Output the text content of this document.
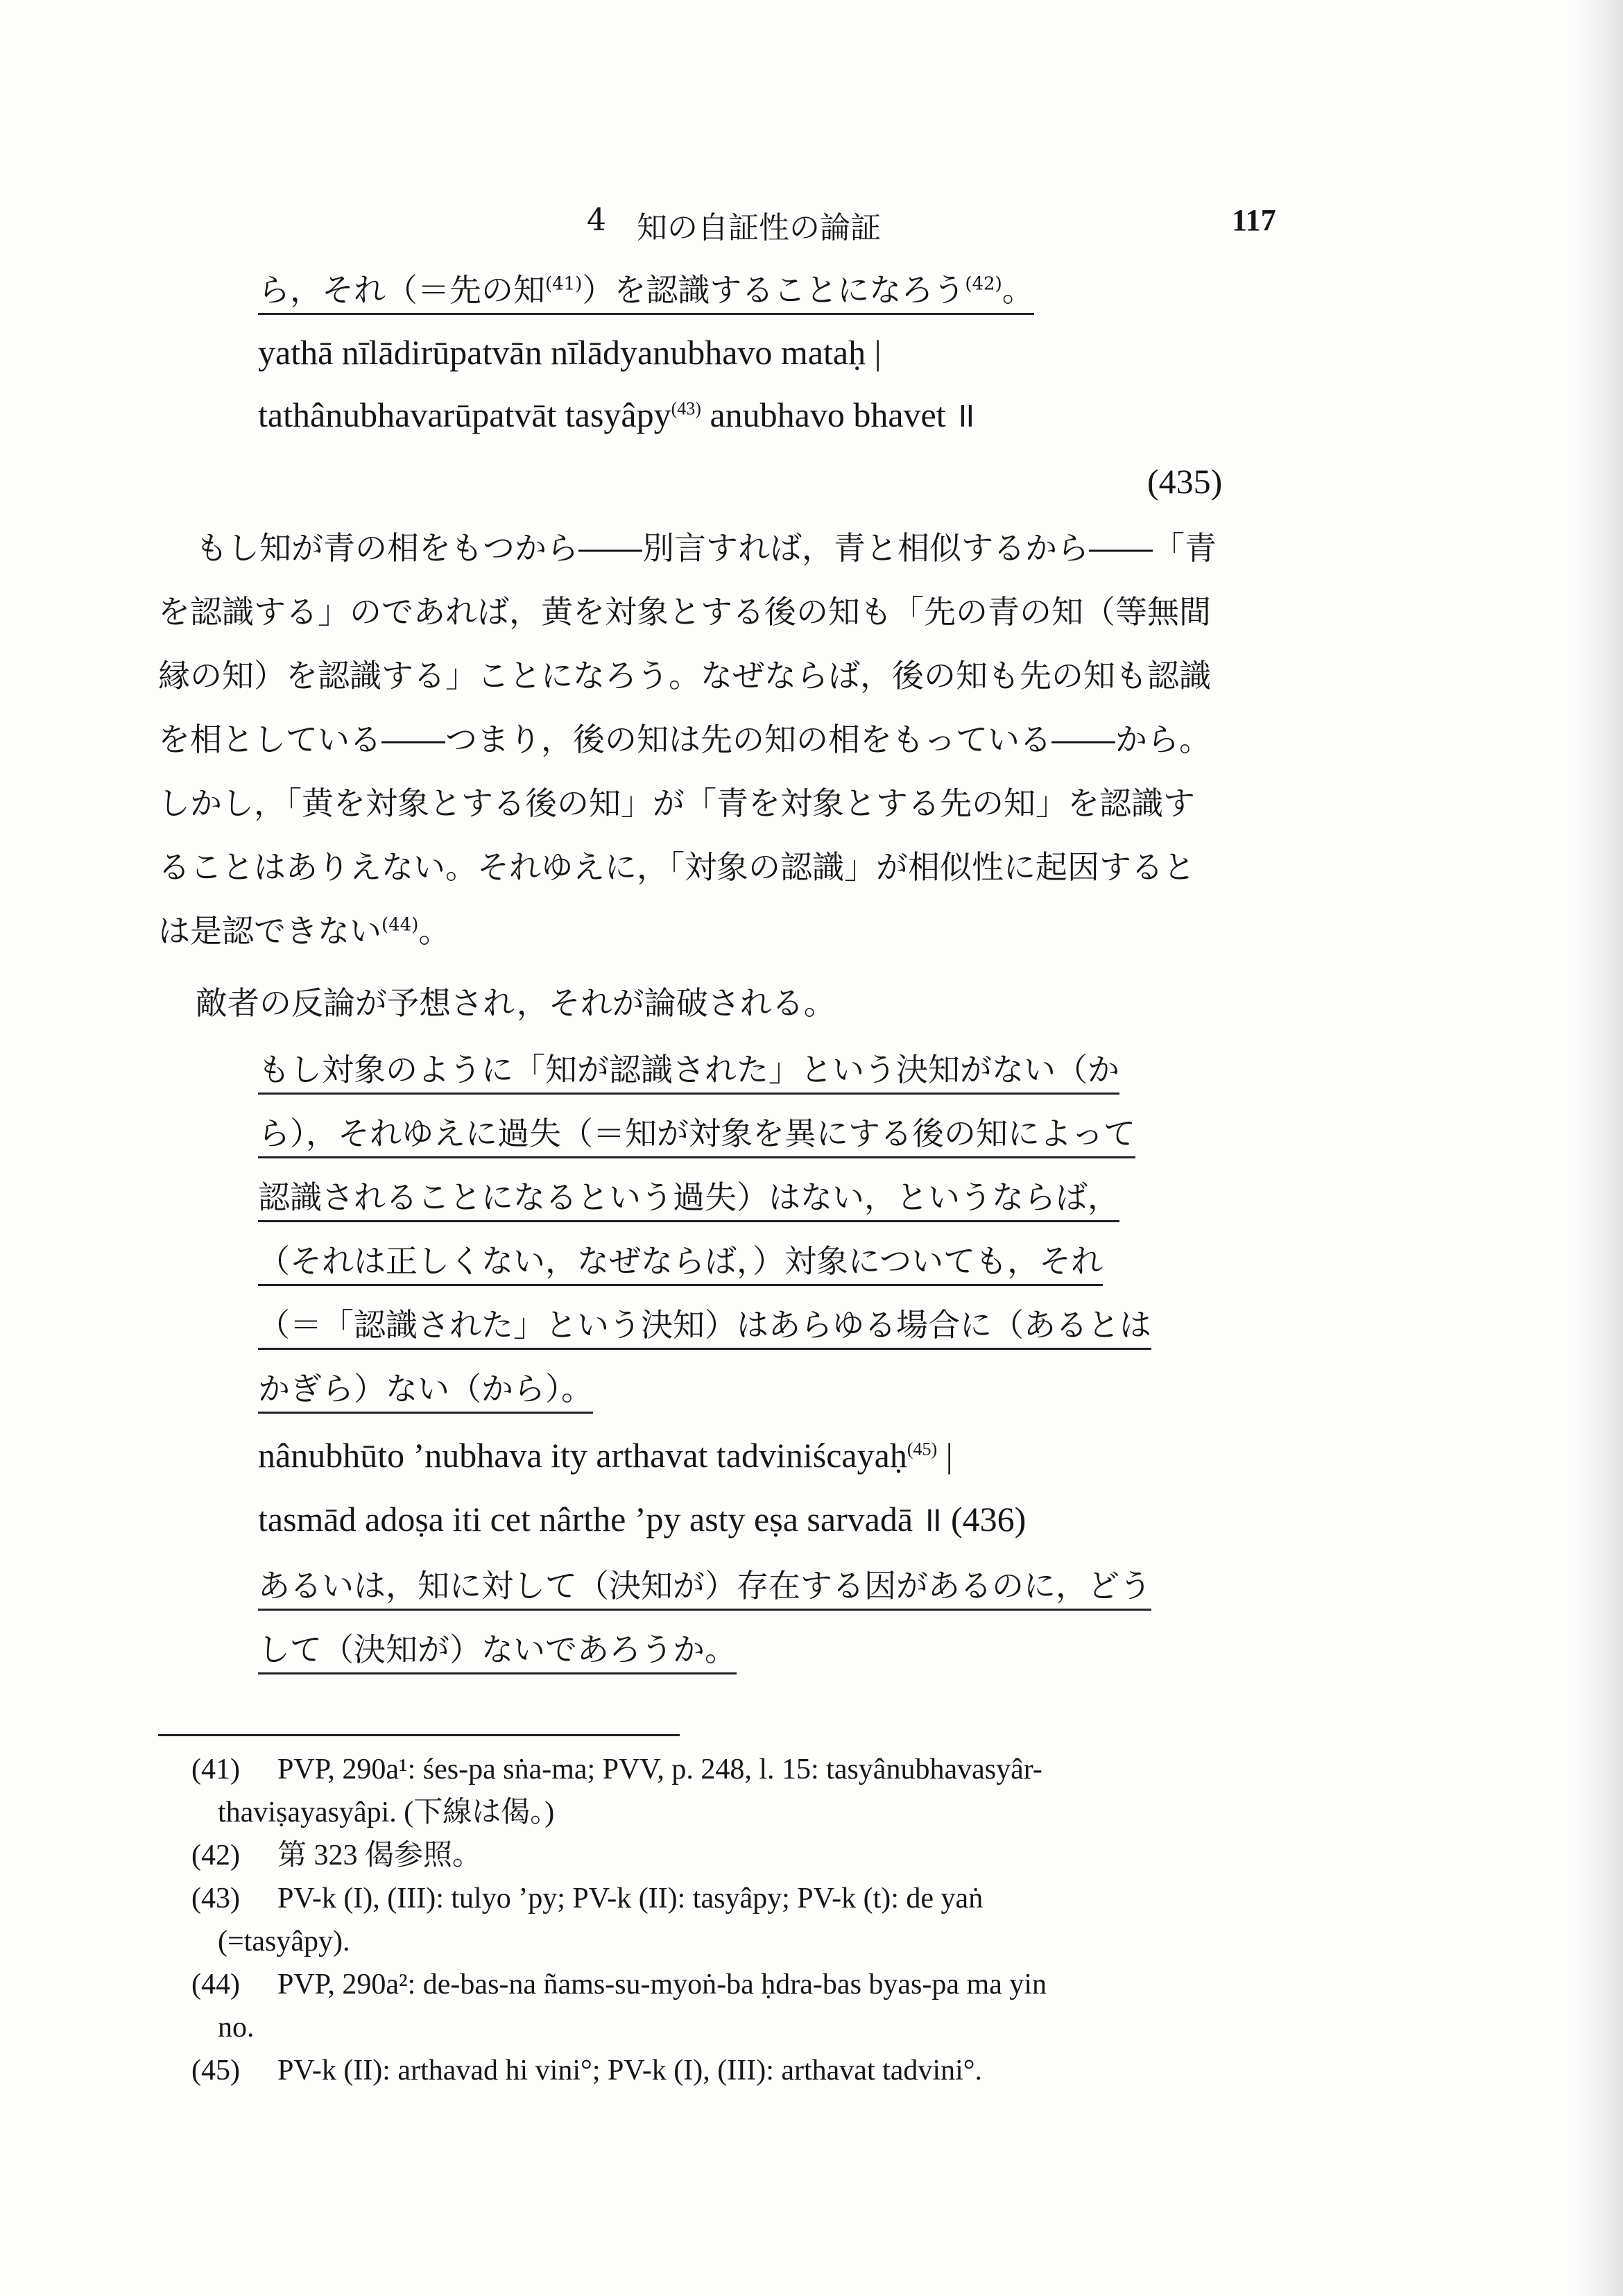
4 知の自証性の論証	117
ら，それ（＝先の知$^{(41)}$）を認識することになろう$^{(42)}$。
yathā nīlādirūpatvān nīlādyanubhavo mataḥ |
tathânubhavarūpatvāt tasyâpy$^{(43)}$ anubhavo bhavet ॥
(435)
もし知が青の相をもつから――別言すれば，青と相似するから――「青
を認識する」のであれば，黄を対象とする後の知も「先の青の知（等無間
縁の知）を認識する」ことになろう。なぜならば，後の知も先の知も認識
を相としている――つまり，後の知は先の知の相をもっている――から。
しかし，「黄を対象とする後の知」が「青を対象とする先の知」を認識す
ることはありえない。それゆえに，「対象の認識」が相似性に起因すると
は是認できない$^{(44)}$。
敵者の反論が予想され，それが論破される。
もし対象のように「知が認識された」という決知がない（か
ら），それゆえに過失（＝知が対象を異にする後の知によって
認識されることになるという過失）はない，というならば，
（それは正しくない，なぜならば，）対象についても，それ
（＝「認識された」という決知）はあらゆる場合に（あるとは
かぎら）ない（から）。
nânubhūto ’nubhava ity arthavat tadviniścayaḥ$^{(45)}$ |
tasmād adoṣa iti cet nârthe ’py asty eṣa sarvadā ॥ (436)
あるいは，知に対して（決知が）存在する因があるのに，どう
して（決知が）ないであろうか。
(41) PVP, 290a¹: śes-pa sṅa-ma; PVV, p. 248, l. 15: tasyânubhavasyâr-
thaviṣayasyâpi. (下線は偈。)
(42) 第 323 偈参照。
(43) PV-k (I), (III): tulyo ’py; PV-k (II): tasyâpy; PV-k (t): de yaṅ
(=tasyâpy).
(44) PVP, 290a²: de-bas-na ñams-su-myoṅ-ba ḥdra-bas byas-pa ma yin
no.
(45) PV-k (II): arthavad hi vini°; PV-k (I), (III): arthavat tadvini°.
